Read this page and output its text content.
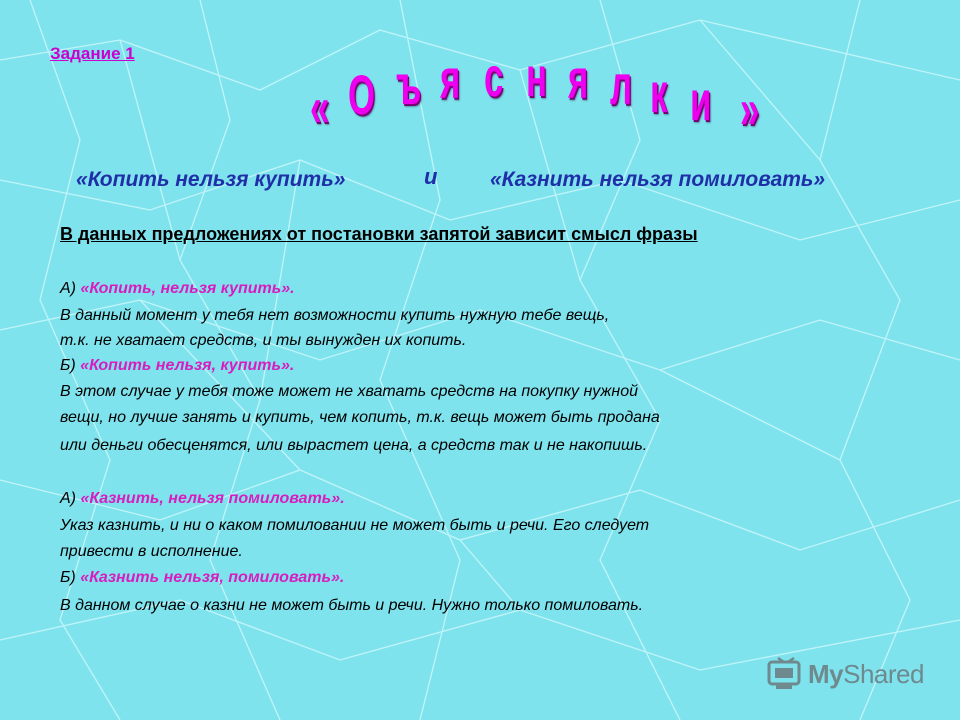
Задание 1
« О ъ я с н я л к и »
«Копить нельзя купить»	и	«Казнить нельзя помиловать»
В данных предложениях от постановки запятой зависит смысл фразы
А) «Копить, нельзя купить».
В данный момент у тебя нет возможности купить нужную тебе вещь,
т.к. не хватает средств, и ты вынужден их копить.
Б) «Копить нельзя, купить».
В этом случае у тебя тоже может не хватать средств на покупку нужной
вещи, но лучше занять и купить, чем копить, т.к. вещь может быть продана
или деньги обесценятся, или вырастет цена, а средств так и не накопишь.
А) «Казнить, нельзя помиловать».
Указ казнить, и ни о каком помиловании не может быть и речи. Его следует
привести в исполнение.
Б) «Казнить нельзя, помиловать».
В данном случае о казни не может быть и речи. Нужно только помиловать.
MyShared
